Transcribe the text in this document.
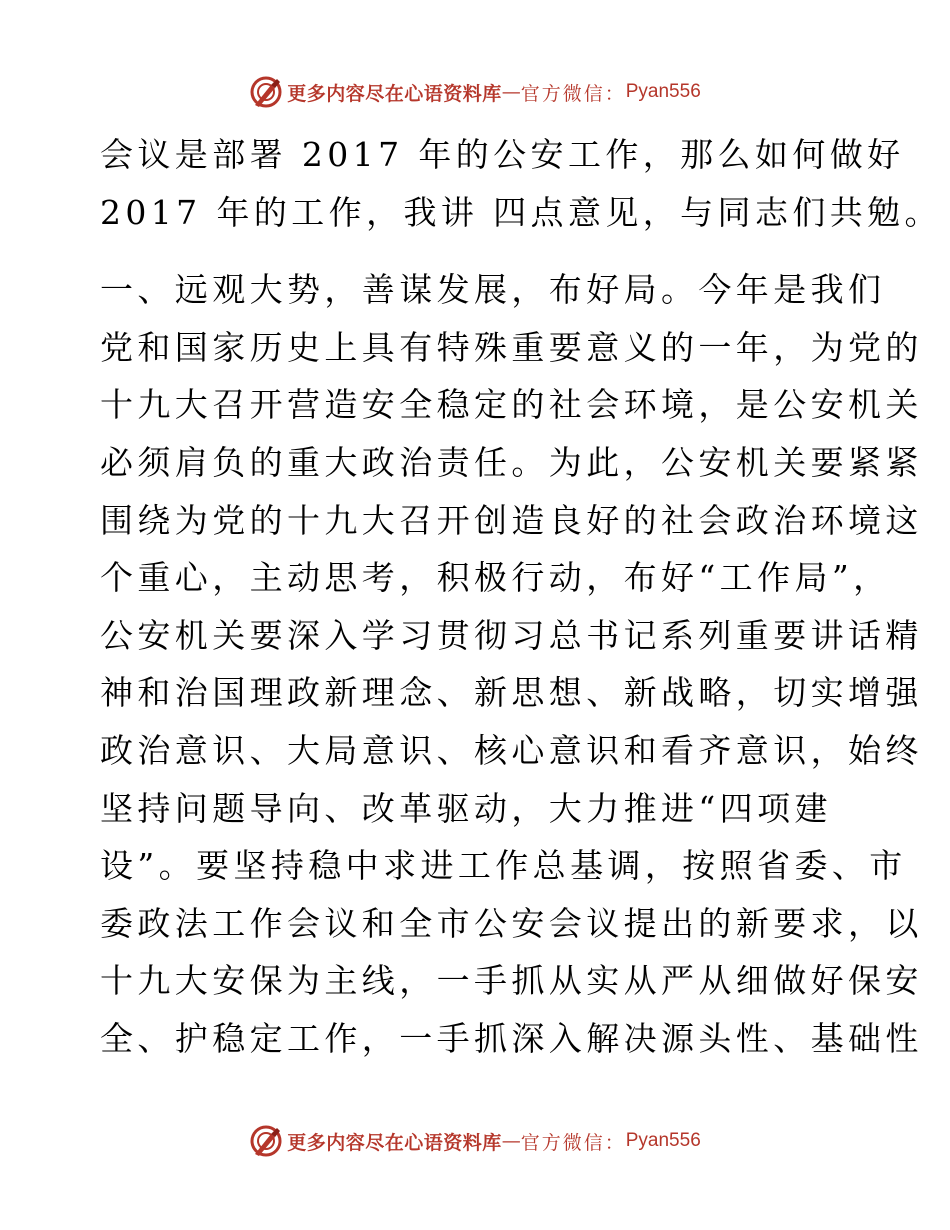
更多内容尽在心语资料库 — 官方微信： Pyan556
会议是部署 2017 年的公安工作，那么如何做好
2017 年的工作，我讲 四点意见，与同志们共勉。
一、远观大势，善谋发展，布好局。今年是我们
党和国家历史上具有特殊重要意义的一年，为党的
十九大召开营造安全稳定的社会环境，是公安机关
必须肩负的重大政治责任。为此，公安机关要紧紧
围绕为党的十九大召开创造良好的社会政治环境这
个重心，主动思考，积极行动，布好“工作局”，
公安机关要深入学习贯彻习总书记系列重要讲话精
神和治国理政新理念、新思想、新战略，切实增强
政治意识、大局意识、核心意识和看齐意识，始终
坚持问题导向、改革驱动，大力推进“四项建
设”。要坚持稳中求进工作总基调，按照省委、市
委政法工作会议和全市公安会议提出的新要求，以
十九大安保为主线，一手抓从实从严从细做好保安
全、护稳定工作，一手抓深入解决源头性、基础性
更多内容尽在心语资料库 — 官方微信： Pyan556
